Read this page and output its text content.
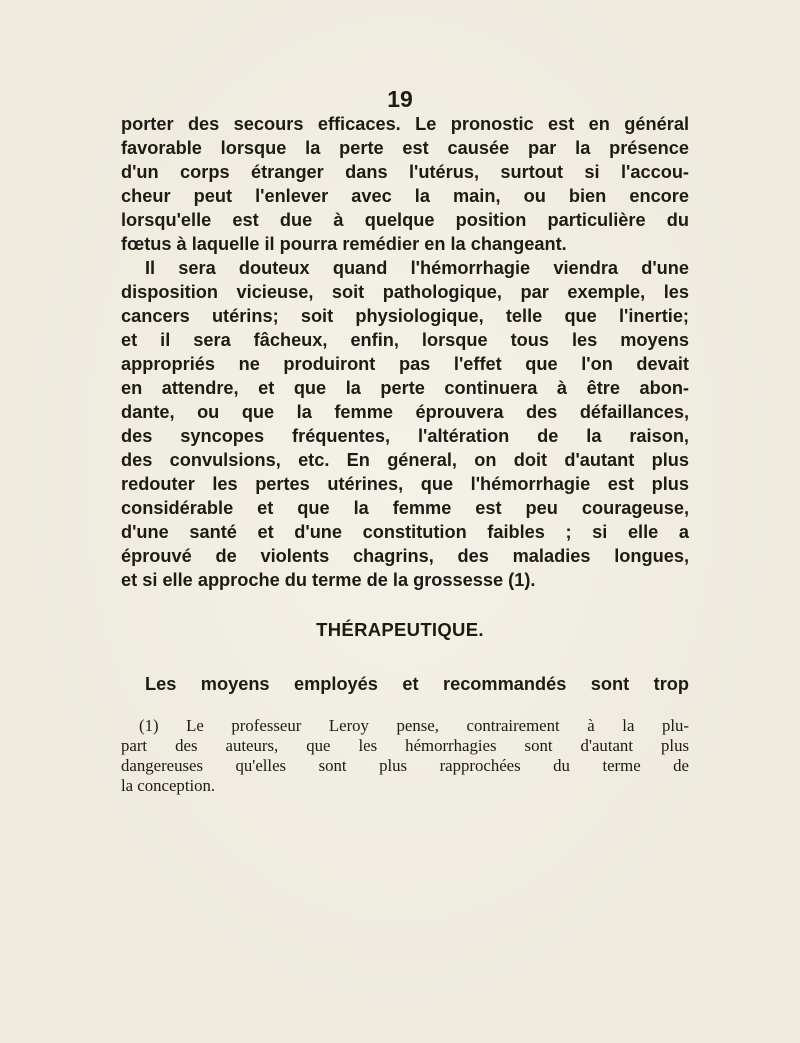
19
porter des secours efficaces. Le pronostic est en général
favorable lorsque la perte est causée par la présence
d'un corps étranger dans l'utérus, surtout si l'accou-
cheur peut l'enlever avec la main, ou bien encore
lorsqu'elle est due à quelque position particulière du
fœtus à laquelle il pourra remédier en la changeant.
Il sera douteux quand l'hémorrhagie viendra d'une
disposition vicieuse, soit pathologique, par exemple, les
cancers utérins; soit physiologique, telle que l'inertie;
et il sera fâcheux, enfin, lorsque tous les moyens
appropriés ne produiront pas l'effet que l'on devait
en attendre, et que la perte continuera à être abon-
dante, ou que la femme éprouvera des défaillances,
des syncopes fréquentes, l'altération de la raison,
des convulsions, etc. En géneral, on doit d'autant plus
redouter les pertes utérines, que l'hémorrhagie est plus
considérable et que la femme est peu courageuse,
d'une santé et d'une constitution faibles ; si elle a
éprouvé de violents chagrins, des maladies longues,
et si elle approche du terme de la grossesse (1).
THÉRAPEUTIQUE.
Les moyens employés et recommandés sont trop
(1) Le professeur Leroy pense, contrairement à la plu-
part des auteurs, que les hémorrhagies sont d'autant plus
dangereuses qu'elles sont plus rapprochées du terme de
la conception.
